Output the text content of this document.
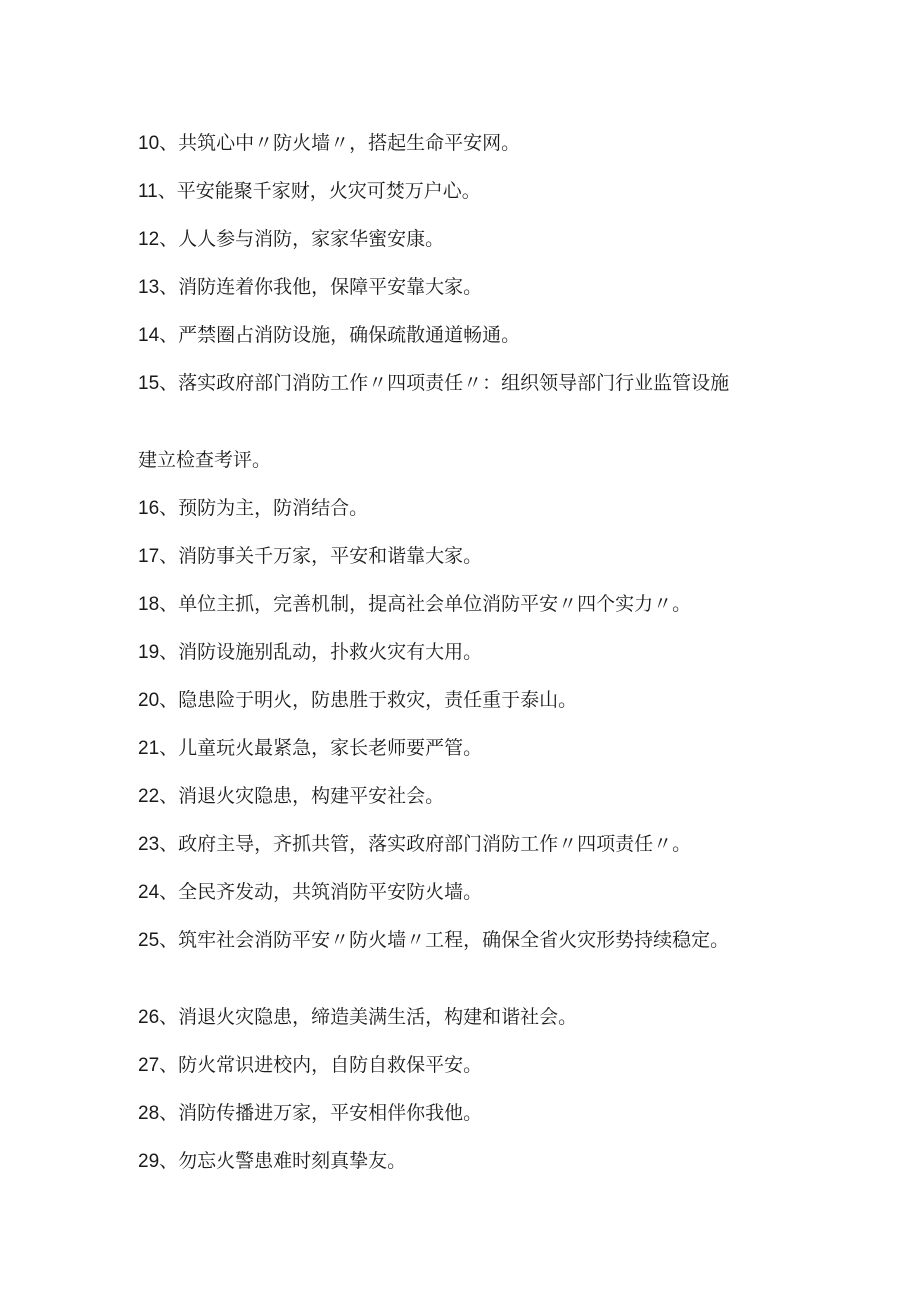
10、共筑心中〃防火墙〃，搭起生命平安网。
11、平安能聚千家财，火灾可焚万户心。
12、人人参与消防，家家华蜜安康。
13、消防连着你我他，保障平安靠大家。
14、严禁圈占消防设施，确保疏散通道畅通。
15、落实政府部门消防工作〃四项责任〃：组织领导部门行业监管设施
建立检查考评。
16、预防为主，防消结合。
17、消防事关千万家，平安和谐靠大家。
18、单位主抓，完善机制，提高社会单位消防平安〃四个实力〃。
19、消防设施别乱动，扑救火灾有大用。
20、隐患险于明火，防患胜于救灾，责任重于泰山。
21、儿童玩火最紧急，家长老师要严管。
22、消退火灾隐患，构建平安社会。
23、政府主导，齐抓共管，落实政府部门消防工作〃四项责任〃。
24、全民齐发动，共筑消防平安防火墙。
25、筑牢社会消防平安〃防火墙〃工程，确保全省火灾形势持续稳定。
26、消退火灾隐患，缔造美满生活，构建和谐社会。
27、防火常识进校内，自防自救保平安。
28、消防传播进万家，平安相伴你我他。
29、勿忘火警患难时刻真挚友。
